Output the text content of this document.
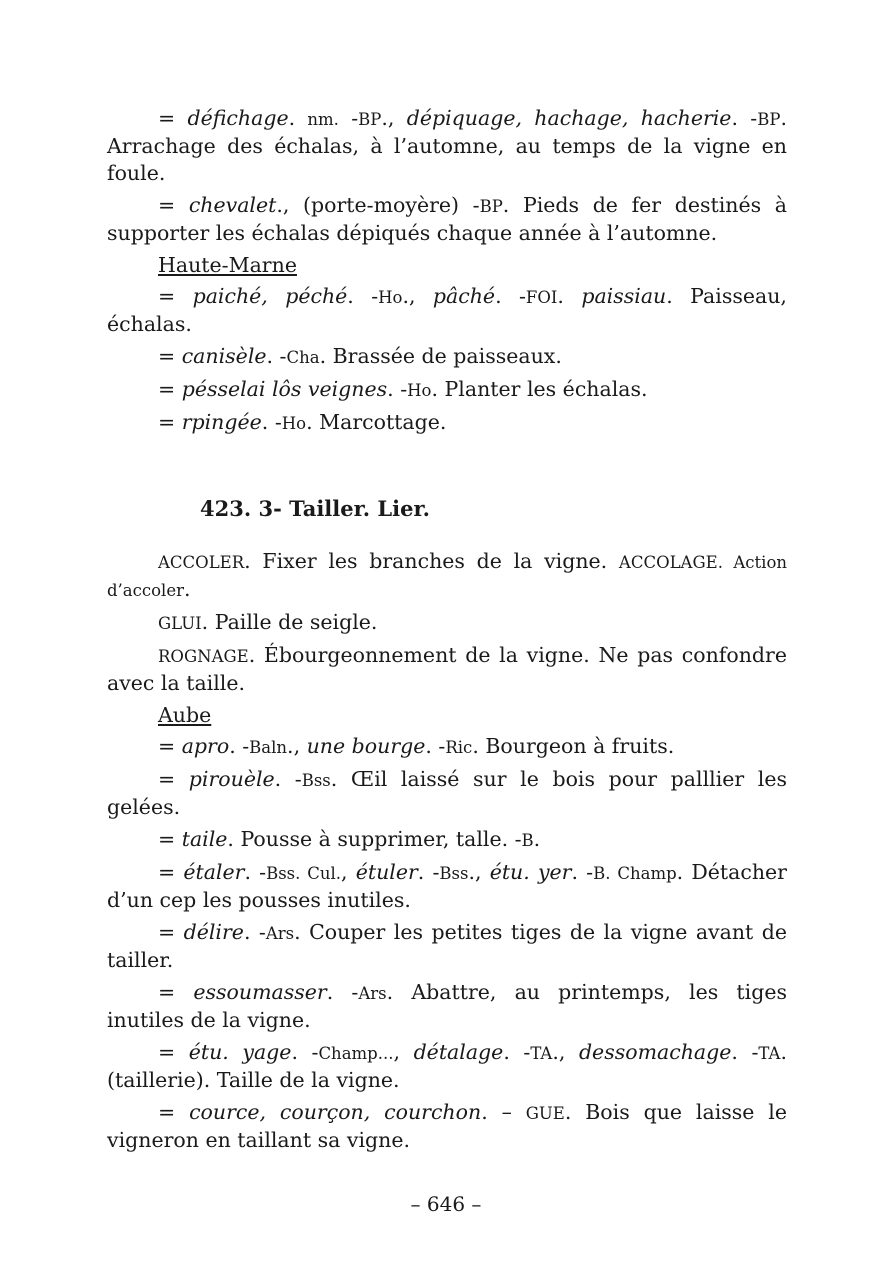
= défichage. nm. -BP., dépiquage, hachage, hacherie. -BP. Arrachage des échalas, à l’automne, au temps de la vigne en foule.

= chevalet., (porte-moyère) -BP. Pieds de fer destinés à supporter les échalas dépiqués chaque année à l’automne.

Haute-Marne

= paiché, péché. -Ho., pâché. -FOI. paissiau. Paisseau, échalas.

= canisèle. -Cha. Brassée de paisseaux.

= pésselai lôs veignes. -Ho. Planter les échalas.

= rpingée. -Ho. Marcottage.

423. 3- Tailler. Lier.

ACCOLER. Fixer les branches de la vigne. ACCOLAGE. Action d’accoler.

GLUI. Paille de seigle.

ROGNAGE. Ébourgeonnement de la vigne. Ne pas confondre avec la taille.

Aube

= apro. -Baln., une bourge. -Ric. Bourgeon à fruits.

= pirouèle. -Bss. Œil laissé sur le bois pour palllier les gelées.

= taile. Pousse à supprimer, talle. -B.

= étaler. -Bss. Cul., étuler. -Bss., étu. yer. -B. Champ. Détacher d’un cep les pousses inutiles.

= délire. -Ars. Couper les petites tiges de la vigne avant de tailler.

= essoumasser. -Ars. Abattre, au printemps, les tiges inutiles de la vigne.

= étu. yage. -Champ..., détalage. -TA., dessomachage. -TA. (taillerie). Taille de la vigne.

= cource, courçon, courchon. – GUE. Bois que laisse le vigneron en taillant sa vigne.

– 646 –
